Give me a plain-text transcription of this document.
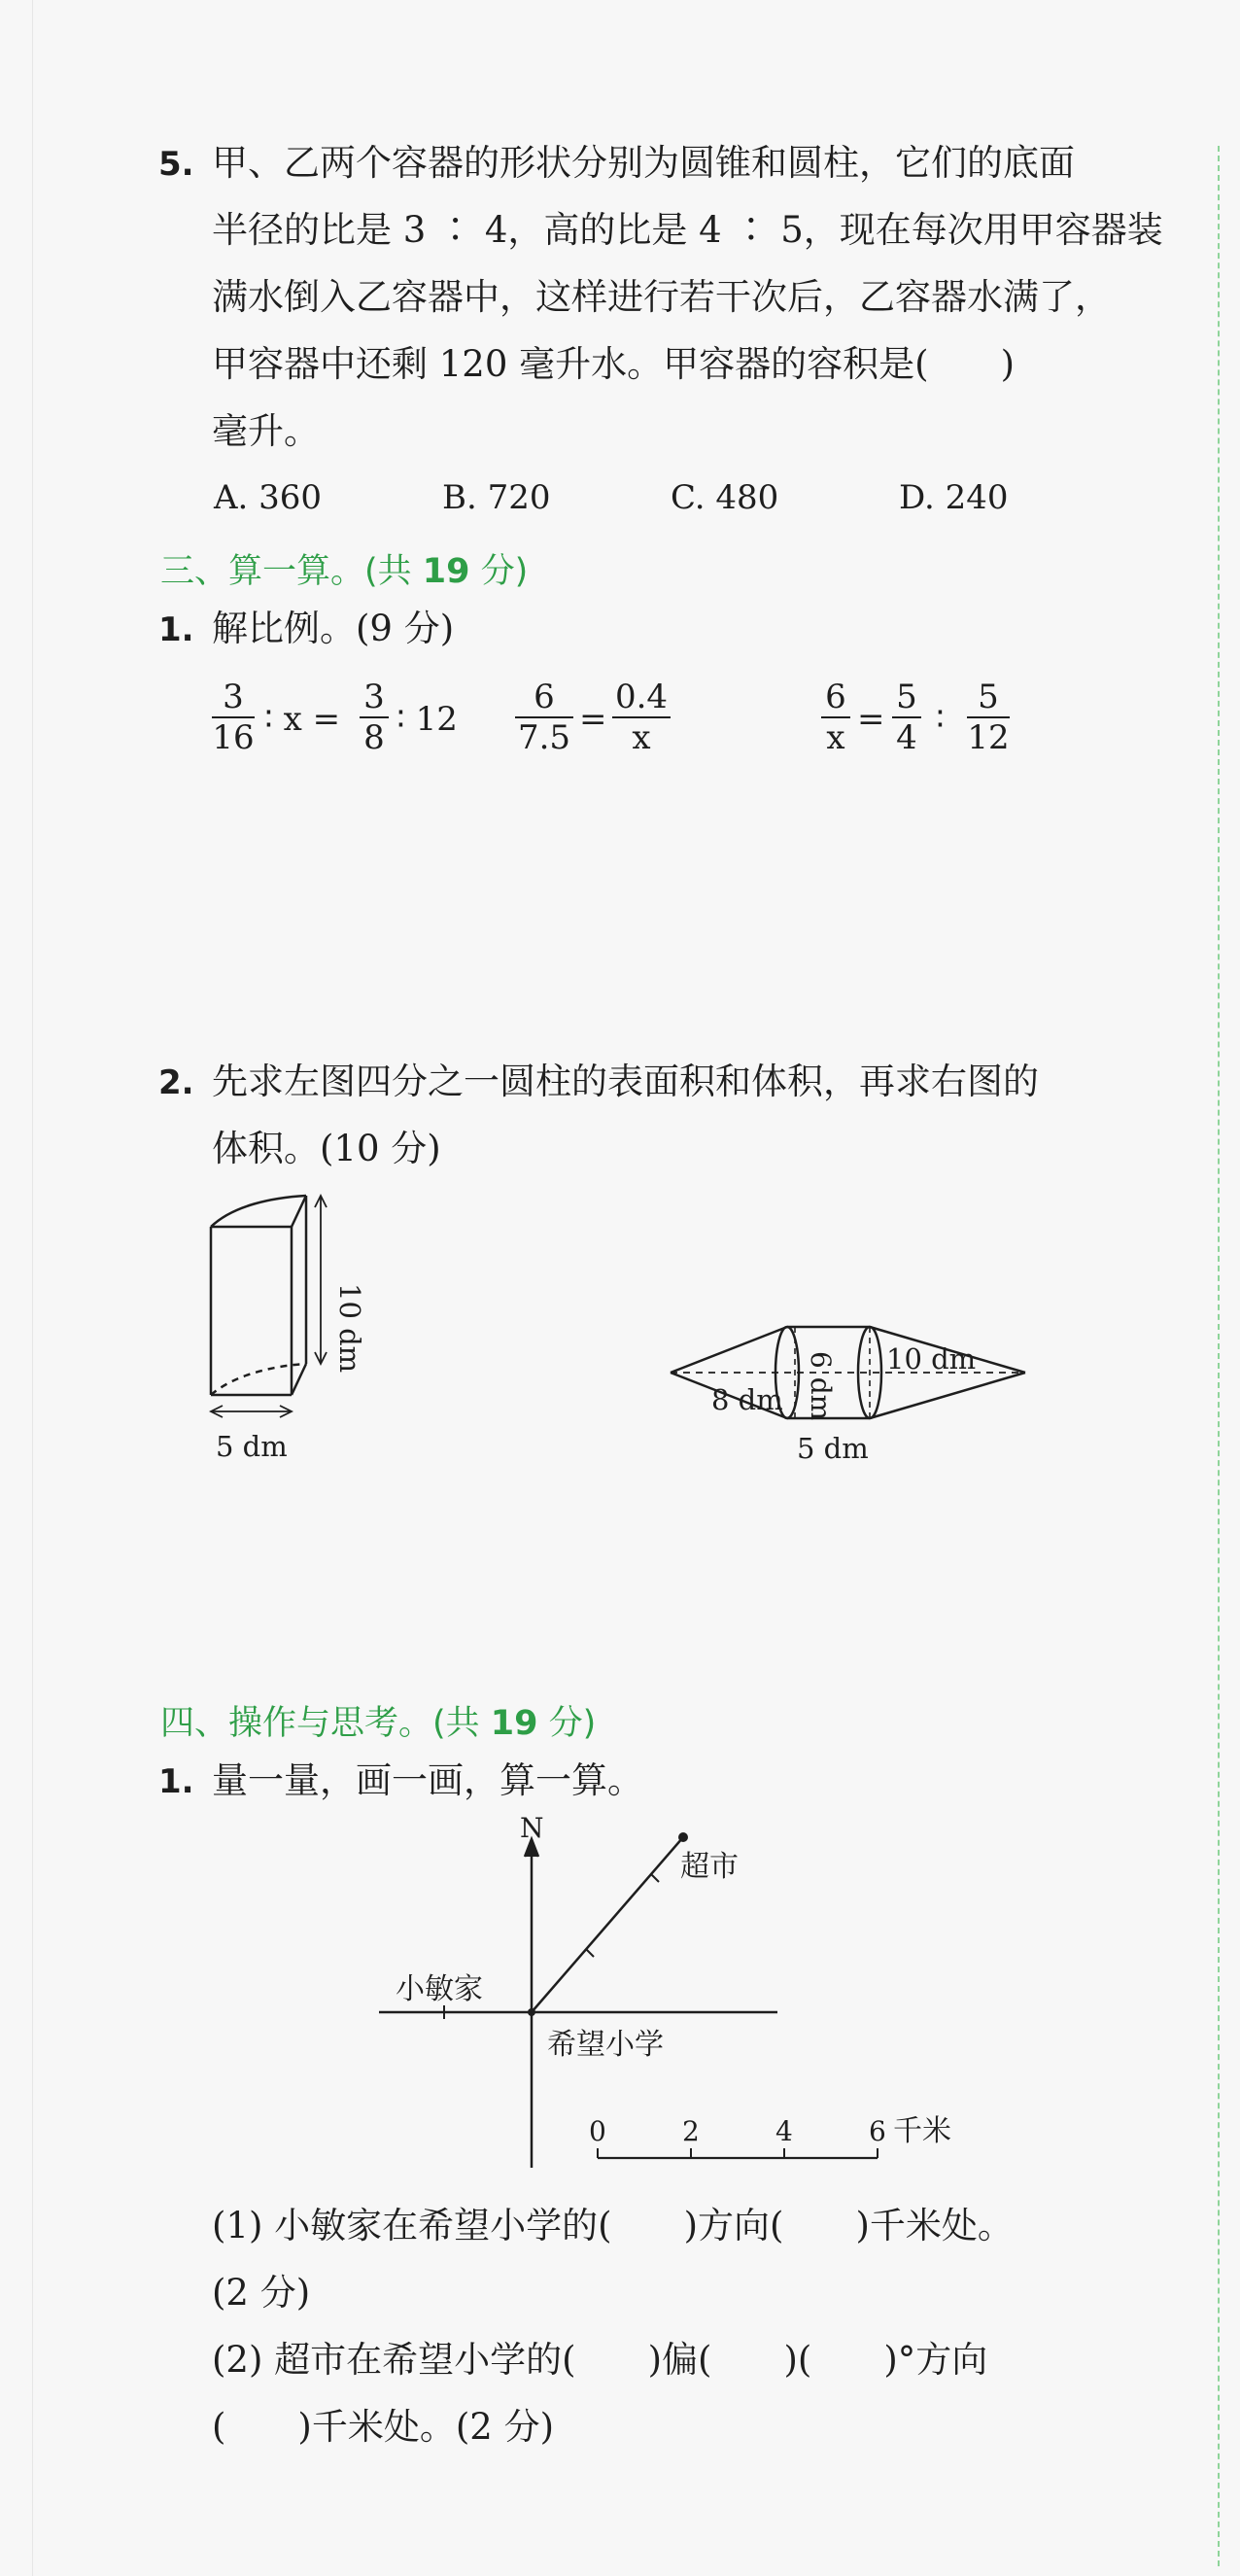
5. 甲、乙两个容器的形状分别为圆锥和圆柱，它们的底面
半径的比是 3 ∶ 4，高的比是 4 ∶ 5，现在每次用甲容器装
满水倒入乙容器中，这样进行若干次后，乙容器水满了，
甲容器中还剩 120 毫升水。甲容器的容积是(　　)
毫升。
A. 360	B. 720	C. 480	D. 240
三、算一算。(共 19 分)
1. 解比例。(9 分)
3
16 ∶ x =
3
8 ∶ 12
6
7.5 =
0.4
x
6
x =
5
4 ∶
5
12
2. 先求左图四分之一圆柱的表面积和体积，再求右图的
体积。(10 分)
10 dm
5 dm
8 dm 6 dm 10 dm
5 dm
四、操作与思考。(共 19 分)
1. 量一量，画一画，算一算。
N
超市
小敏家
希望小学
0	2	4	6 千米
(1) 小敏家在希望小学的(　　)方向(　　)千米处。
(2 分)
(2) 超市在希望小学的(　　)偏(　　)(　　)°方向
(　　)千米处。(2 分)
